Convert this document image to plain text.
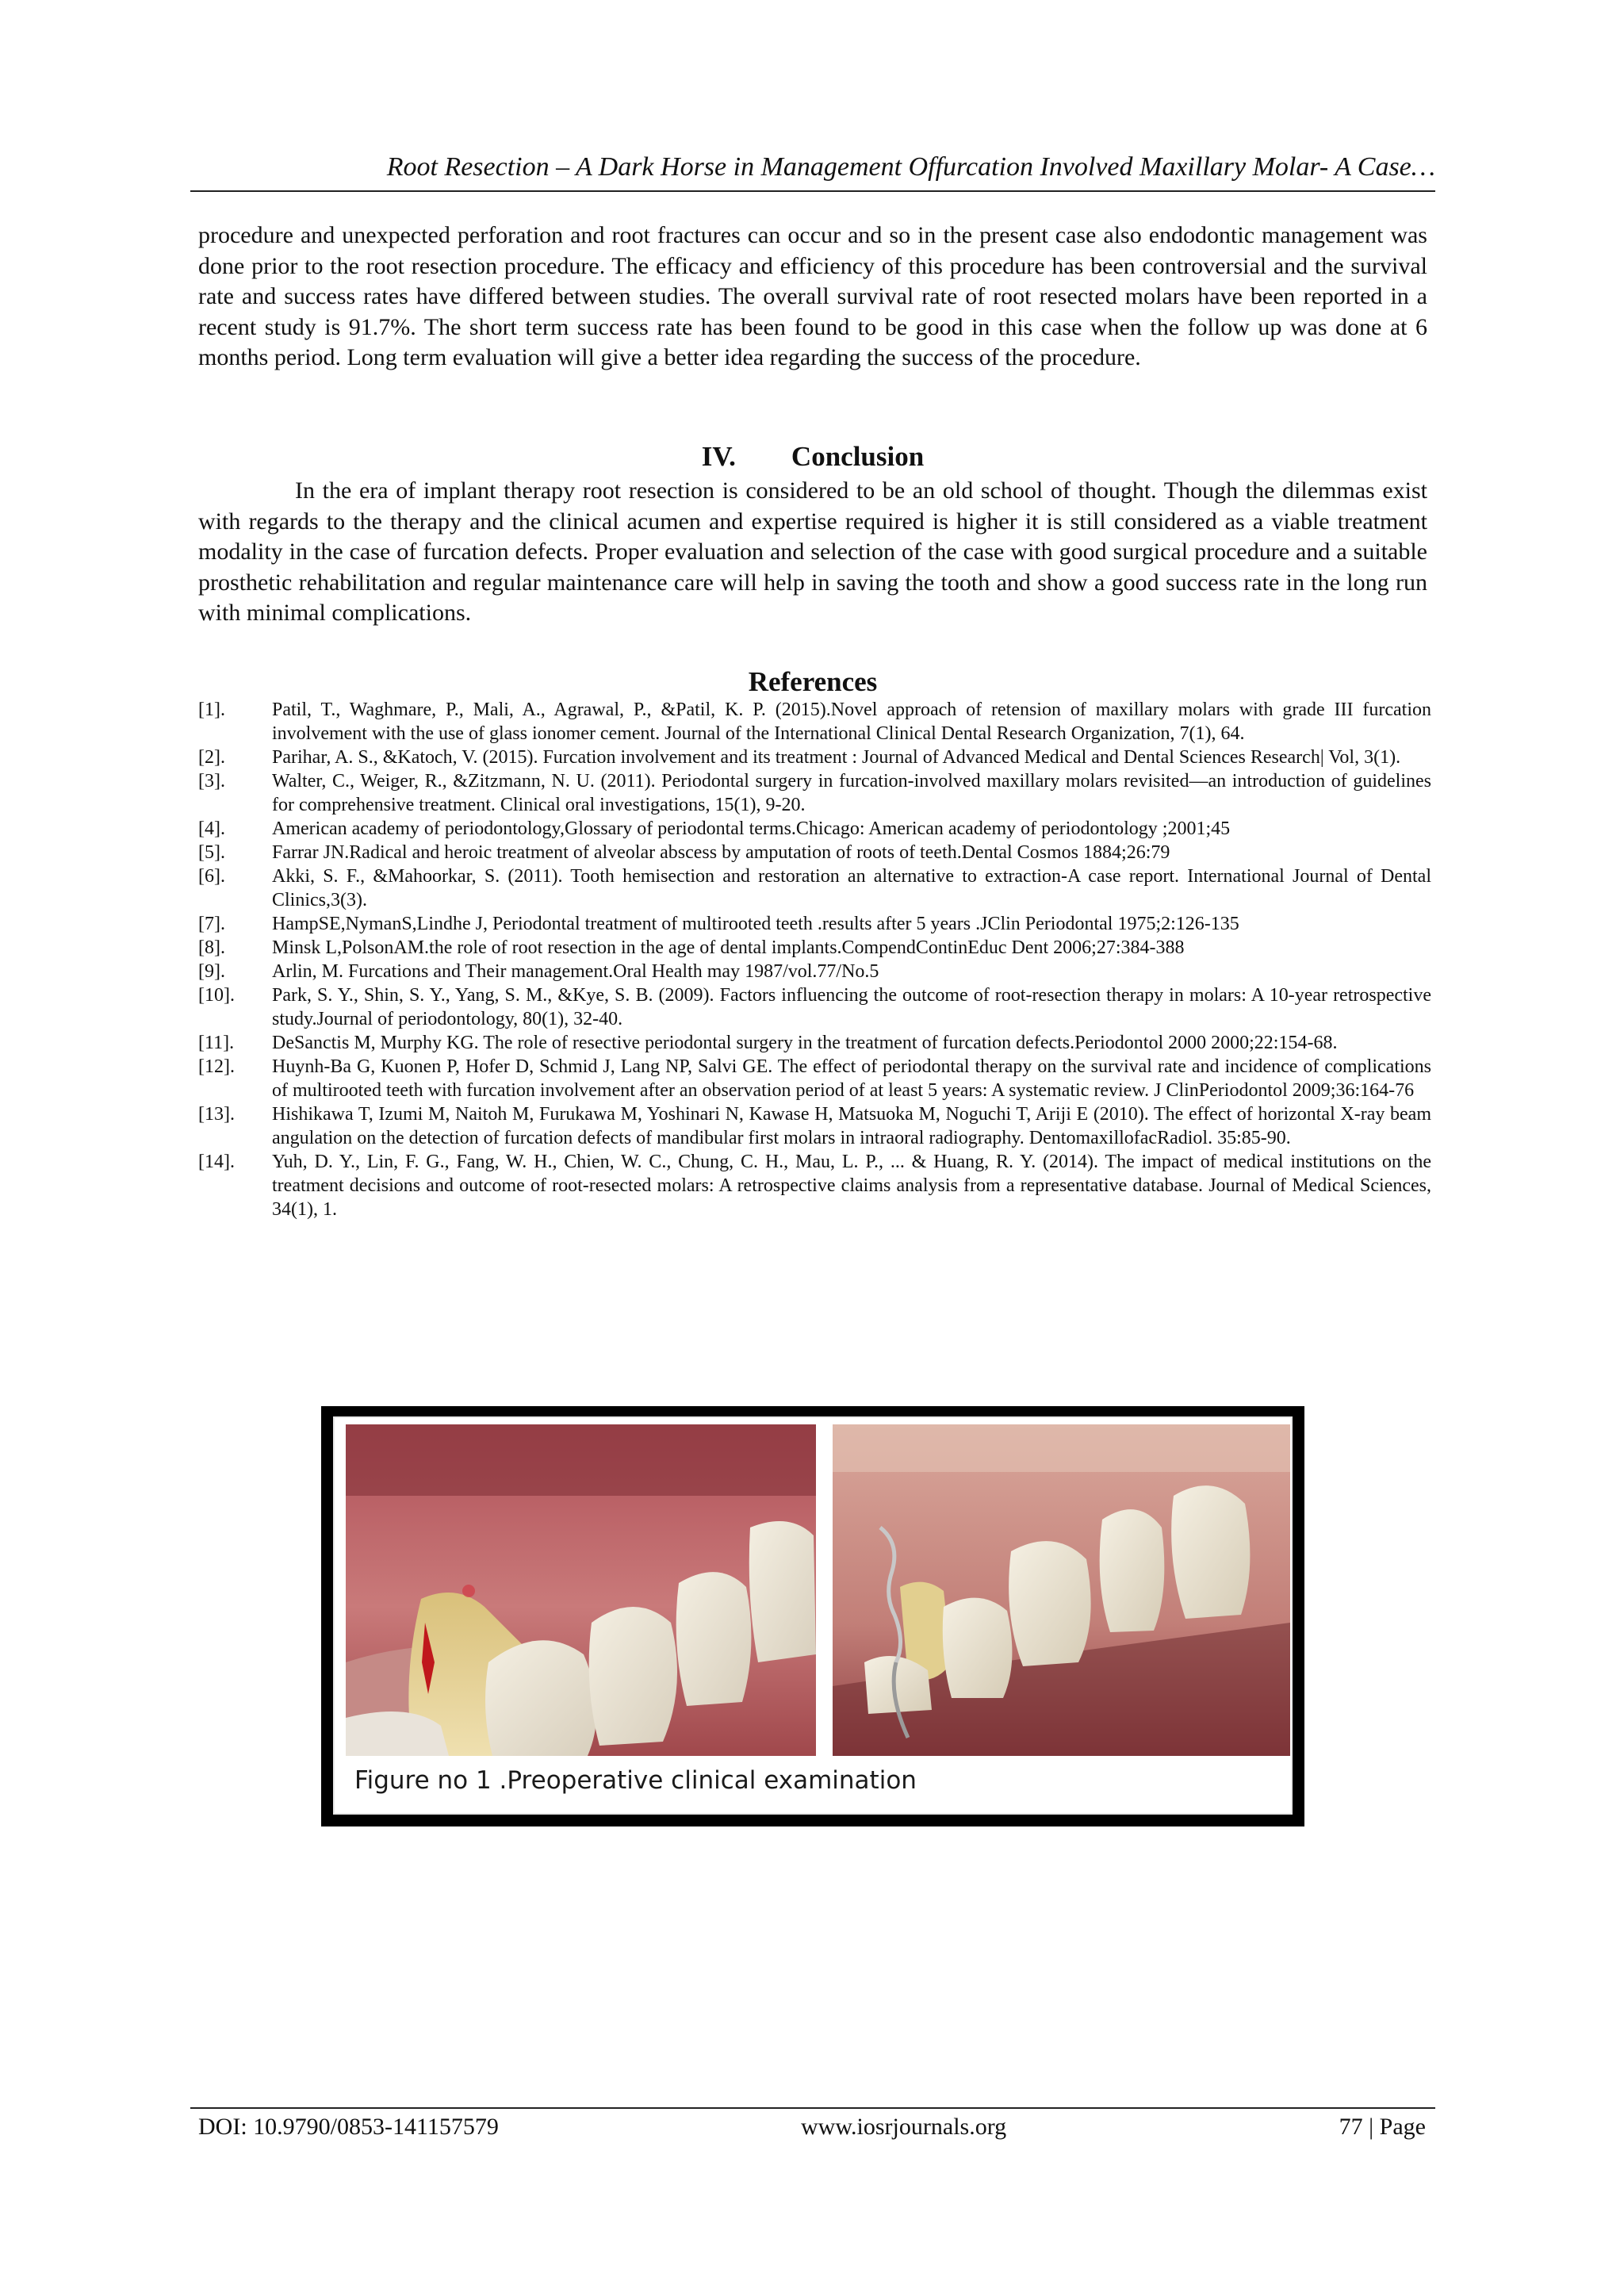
Root Resection – A Dark Horse in Management Offurcation Involved Maxillary Molar- A Case…

procedure and unexpected perforation and root fractures can occur and so in the present case also endodontic management was done prior to the root resection procedure. The efficacy and efficiency of this procedure has been controversial and the survival rate and success rates have differed between studies. The overall survival rate of root resected molars have been reported in a recent study is 91.7%. The short term success rate has been found to be good in this case when the follow up was done at 6 months period. Long term evaluation will give a better idea regarding the success of the procedure.

IV. Conclusion

In the era of implant therapy root resection is considered to be an old school of thought. Though the dilemmas exist with regards to the therapy and the clinical acumen and expertise required is higher it is still considered as a viable treatment modality in the case of furcation defects. Proper evaluation and selection of the case with good surgical procedure and a suitable prosthetic rehabilitation and regular maintenance care will help in saving the tooth and show a good success rate in the long run with minimal complications.

References
[1].	Patil, T., Waghmare, P., Mali, A., Agrawal, P., &Patil, K. P. (2015).Novel approach of retension of maxillary molars with grade III furcation involvement with the use of glass ionomer cement. Journal of the International Clinical Dental Research Organization, 7(1), 64.
[2].	Parihar, A. S., &Katoch, V. (2015). Furcation involvement and its treatment : Journal of Advanced Medical and Dental Sciences Research| Vol, 3(1).
[3].	Walter, C., Weiger, R., &Zitzmann, N. U. (2011). Periodontal surgery in furcation-involved maxillary molars revisited—an introduction of guidelines for comprehensive treatment. Clinical oral investigations, 15(1), 9-20.
[4].	American academy of periodontology,Glossary of periodontal terms.Chicago: American academy of periodontology ;2001;45
[5].	Farrar JN.Radical and heroic treatment of alveolar abscess by amputation of roots of teeth.Dental Cosmos 1884;26:79
[6].	Akki, S. F., &Mahoorkar, S. (2011). Tooth hemisection and restoration an alternative to extraction-A case report. International Journal of Dental Clinics,3(3).
[7].	HampSE,NymanS,Lindhe J, Periodontal treatment of multirooted teeth .results after 5 years .JClin Periodontal 1975;2:126-135
[8].	Minsk L,PolsonAM.the role of root resection in the age of dental implants.CompendContinEduc Dent 2006;27:384-388
[9].	Arlin, M. Furcations and Their management.Oral Health may 1987/vol.77/No.5
[10].	Park, S. Y., Shin, S. Y., Yang, S. M., &Kye, S. B. (2009). Factors influencing the outcome of root-resection therapy in molars: A 10-year retrospective study.Journal of periodontology, 80(1), 32-40.
[11].	DeSanctis M, Murphy KG. The role of resective periodontal surgery in the treatment of furcation defects.Periodontol 2000 2000;22:154-68.
[12].	Huynh-Ba G, Kuonen P, Hofer D, Schmid J, Lang NP, Salvi GE. The effect of periodontal therapy on the survival rate and incidence of complications of multirooted teeth with furcation involvement after an observation period of at least 5 years: A systematic review. J ClinPeriodontol 2009;36:164-76
[13].	Hishikawa T, Izumi M, Naitoh M, Furukawa M, Yoshinari N, Kawase H, Matsuoka M, Noguchi T, Ariji E (2010). The effect of horizontal X-ray beam angulation on the detection of furcation defects of mandibular first molars in intraoral radiography. DentomaxillofacRadiol. 35:85-90.
[14].	Yuh, D. Y., Lin, F. G., Fang, W. H., Chien, W. C., Chung, C. H., Mau, L. P., ... & Huang, R. Y. (2014). The impact of medical institutions on the treatment decisions and outcome of root-resected molars: A retrospective claims analysis from a representative database. Journal of Medical Sciences, 34(1), 1.
Figure no 1 .Preoperative clinical examination
DOI: 10.9790/0853-141157579	www.iosrjournals.org	77 | Page
